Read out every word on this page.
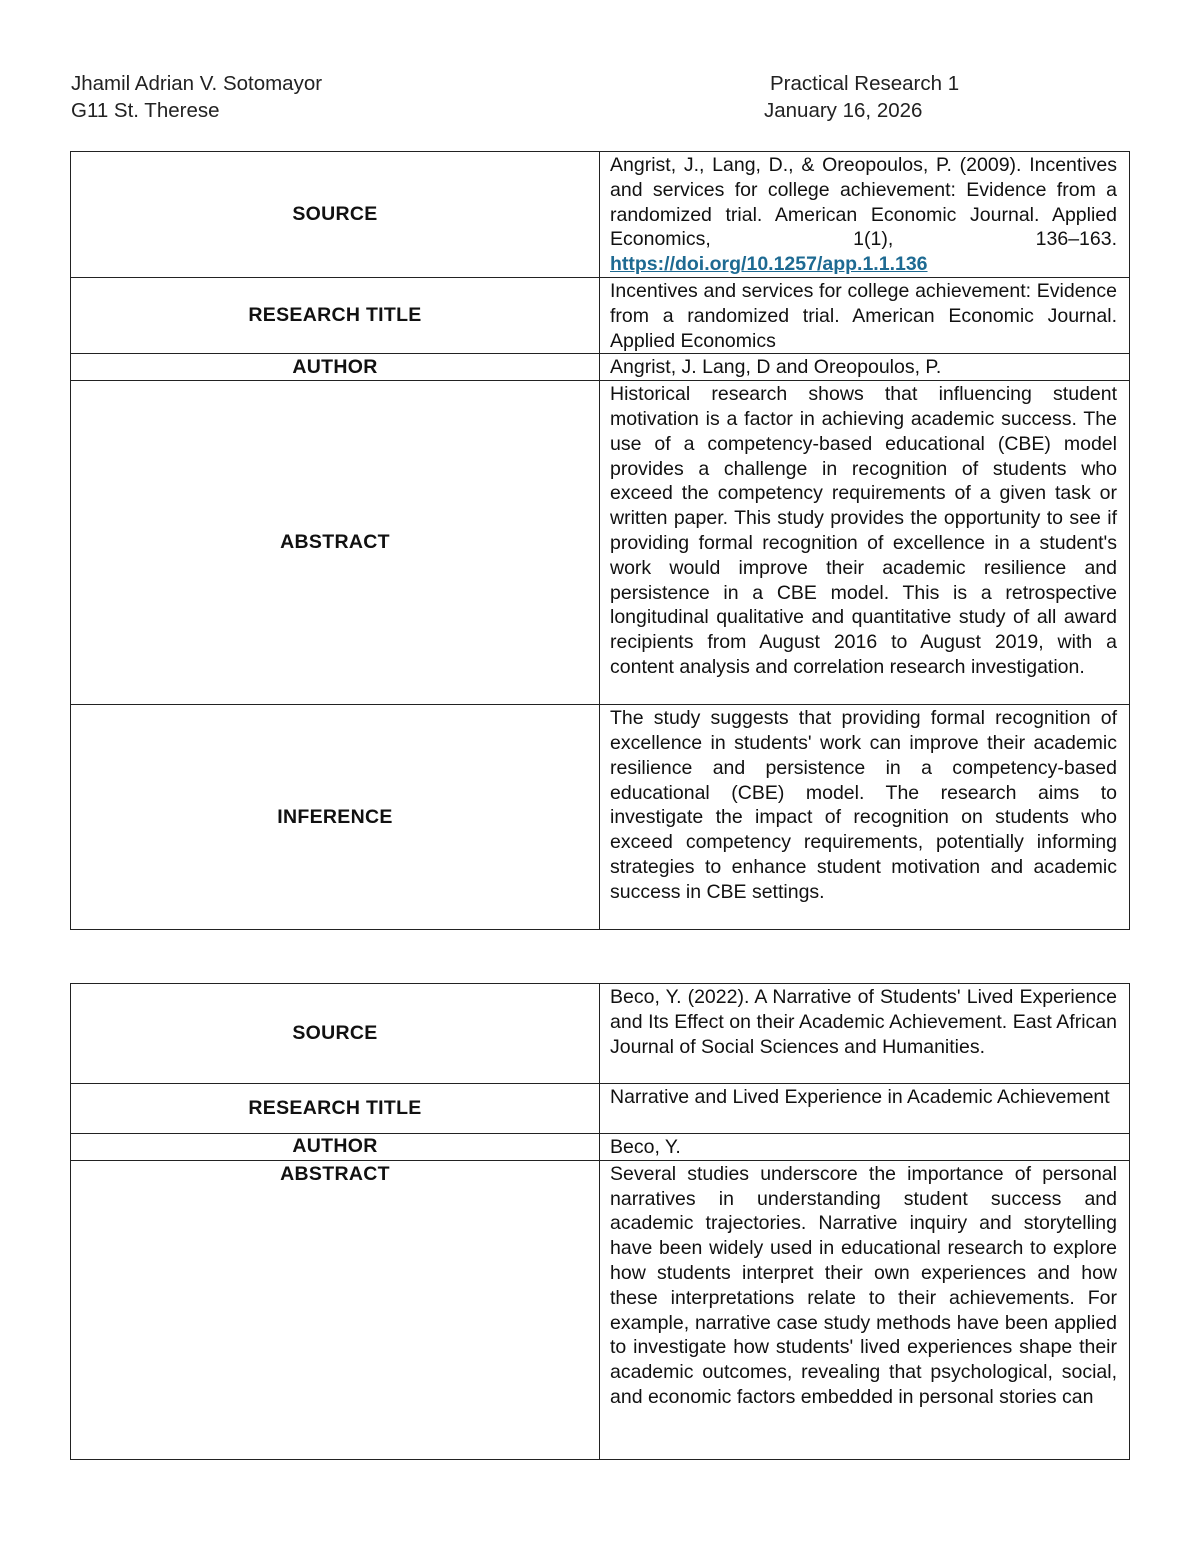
Jhamil Adrian V. Sotomayor
G11 St. Therese
Practical Research 1
January 16, 2026
SOURCE	Angrist, J., Lang, D., & Oreopoulos, P. (2009). Incentives and services for college achievement: Evidence from a randomized trial. American Economic Journal. Applied Economics, 1(1), 136–163. https://doi.org/10.1257/app.1.1.136
RESEARCH TITLE	Incentives and services for college achievement: Evidence from a randomized trial. American Economic Journal. Applied Economics
AUTHOR	Angrist, J. Lang, D and Oreopoulos, P.
ABSTRACT	Historical research shows that influencing student motivation is a factor in achieving academic success. The use of a competency-based educational (CBE) model provides a challenge in recognition of students who exceed the competency requirements of a given task or written paper. This study provides the opportunity to see if providing formal recognition of excellence in a student's work would improve their academic resilience and persistence in a CBE model. This is a retrospective longitudinal qualitative and quantitative study of all award recipients from August 2016 to August 2019, with a content analysis and correlation research investigation.
INFERENCE	The study suggests that providing formal recognition of excellence in students' work can improve their academic resilience and persistence in a competency-based educational (CBE) model. The research aims to investigate the impact of recognition on students who exceed competency requirements, potentially informing strategies to enhance student motivation and academic success in CBE settings.
SOURCE	Beco, Y. (2022). A Narrative of Students' Lived Experience and Its Effect on their Academic Achievement. East African Journal of Social Sciences and Humanities.
RESEARCH TITLE	Narrative and Lived Experience in Academic Achievement
AUTHOR	Beco, Y.
ABSTRACT	Several studies underscore the importance of personal narratives in understanding student success and academic trajectories. Narrative inquiry and storytelling have been widely used in educational research to explore how students interpret their own experiences and how these interpretations relate to their achievements. For example, narrative case study methods have been applied to investigate how students' lived experiences shape their academic outcomes, revealing that psychological, social, and economic factors embedded in personal stories can
